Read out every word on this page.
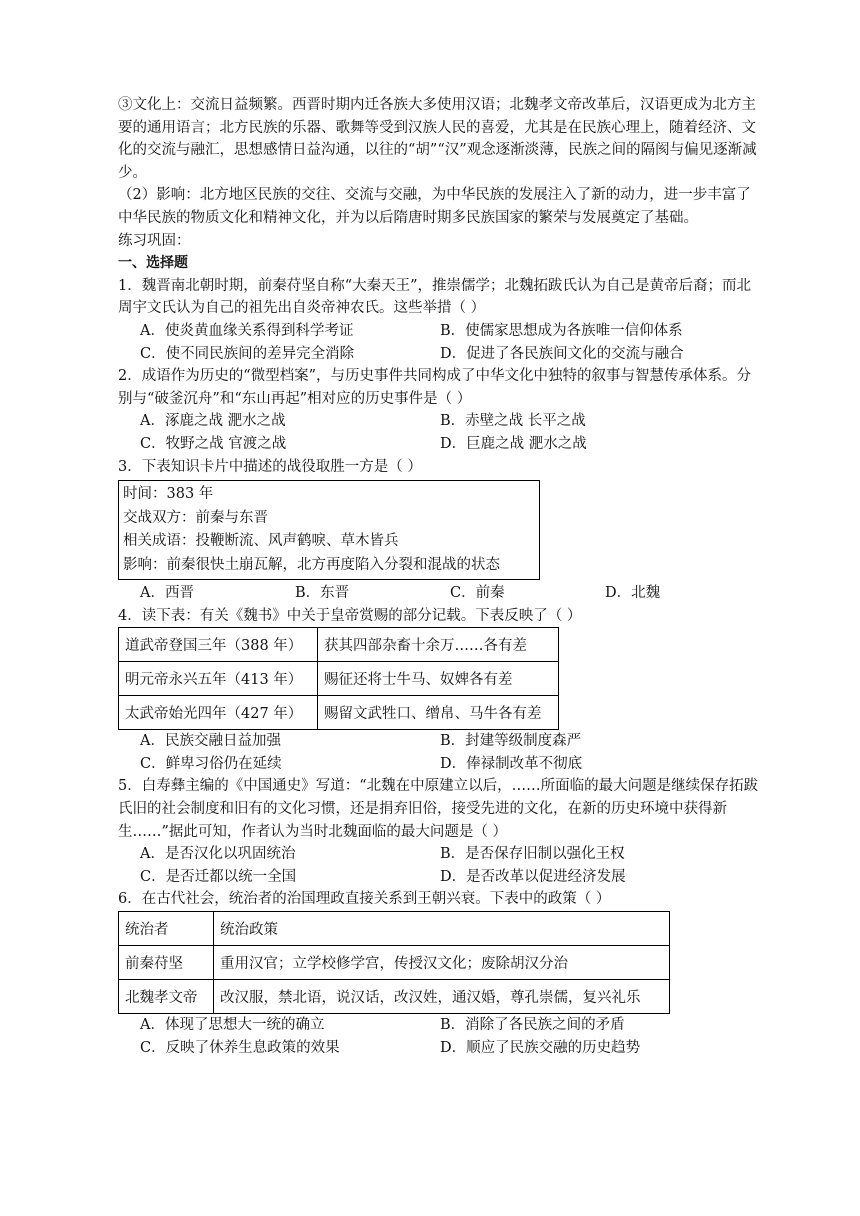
③文化上：交流日益频繁。西晋时期内迁各族大多使用汉语；北魏孝文帝改革后，汉语更成为北方主要的通用语言；北方民族的乐器、歌舞等受到汉族人民的喜爱，尤其是在民族心理上，随着经济、文化的交流与融汇，思想感情日益沟通，以往的“胡”“汉”观念逐渐淡薄，民族之间的隔阂与偏见逐渐减少。

（2）影响：北方地区民族的交往、交流与交融，为中华民族的发展注入了新的动力，进一步丰富了中华民族的物质文化和精神文化，并为以后隋唐时期多民族国家的繁荣与发展奠定了基础。

练习巩固：

一、选择题

1．魏晋南北朝时期，前秦苻坚自称“大秦天王”，推崇儒学；北魏拓跋氏认为自己是黄帝后裔；而北周宇文氏认为自己的祖先出自炎帝神农氏。这些举措（ ）

A．使炎黄血缘关系得到科学考证	B．使儒家思想成为各族唯一信仰体系
C．使不同民族间的差异完全消除	D．促进了各民族间文化的交流与融合

2．成语作为历史的“微型档案”，与历史事件共同构成了中华文化中独特的叙事与智慧传承体系。分别与“破釜沉舟”和“东山再起”相对应的历史事件是（ ）

A．涿鹿之战 淝水之战	B．赤壁之战 长平之战
C．牧野之战 官渡之战	D．巨鹿之战 淝水之战

3．下表知识卡片中描述的战役取胜一方是（ ）

时间：383 年
交战双方：前秦与东晋
相关成语：投鞭断流、风声鹤唳、草木皆兵
影响：前秦很快土崩瓦解，北方再度陷入分裂和混战的状态
A．西晋	B．东晋	C．前秦	D．北魏

4．读下表：有关《魏书》中关于皇帝赏赐的部分记载。下表反映了（ ）

道武帝登国三年（388 年）	获其四部杂畜十余万……各有差
明元帝永兴五年（413 年）	赐征还将士牛马、奴婢各有差
太武帝始光四年（427 年）	赐留文武牲口、缯帛、马牛各有差
A．民族交融日益加强	B．封建等级制度森严
C．鲜卑习俗仍在延续	D．俸禄制改革不彻底

5．白寿彝主编的《中国通史》写道：“北魏在中原建立以后，……所面临的最大问题是继续保存拓跋氏旧的社会制度和旧有的文化习惯，还是捐弃旧俗，接受先进的文化，在新的历史环境中获得新生……”据此可知，作者认为当时北魏面临的最大问题是（ ）

A．是否汉化以巩固统治	B．是否保存旧制以强化王权
C．是否迁都以统一全国	D．是否改革以促进经济发展

6．在古代社会，统治者的治国理政直接关系到王朝兴衰。下表中的政策（ ）

统治者	统治政策
前秦苻坚	重用汉官；立学校修学宫，传授汉文化；废除胡汉分治
北魏孝文帝	改汉服，禁北语，说汉话，改汉姓，通汉婚，尊孔崇儒，复兴礼乐
A．体现了思想大一统的确立	B．消除了各民族之间的矛盾
C．反映了休养生息政策的效果	D．顺应了民族交融的历史趋势
